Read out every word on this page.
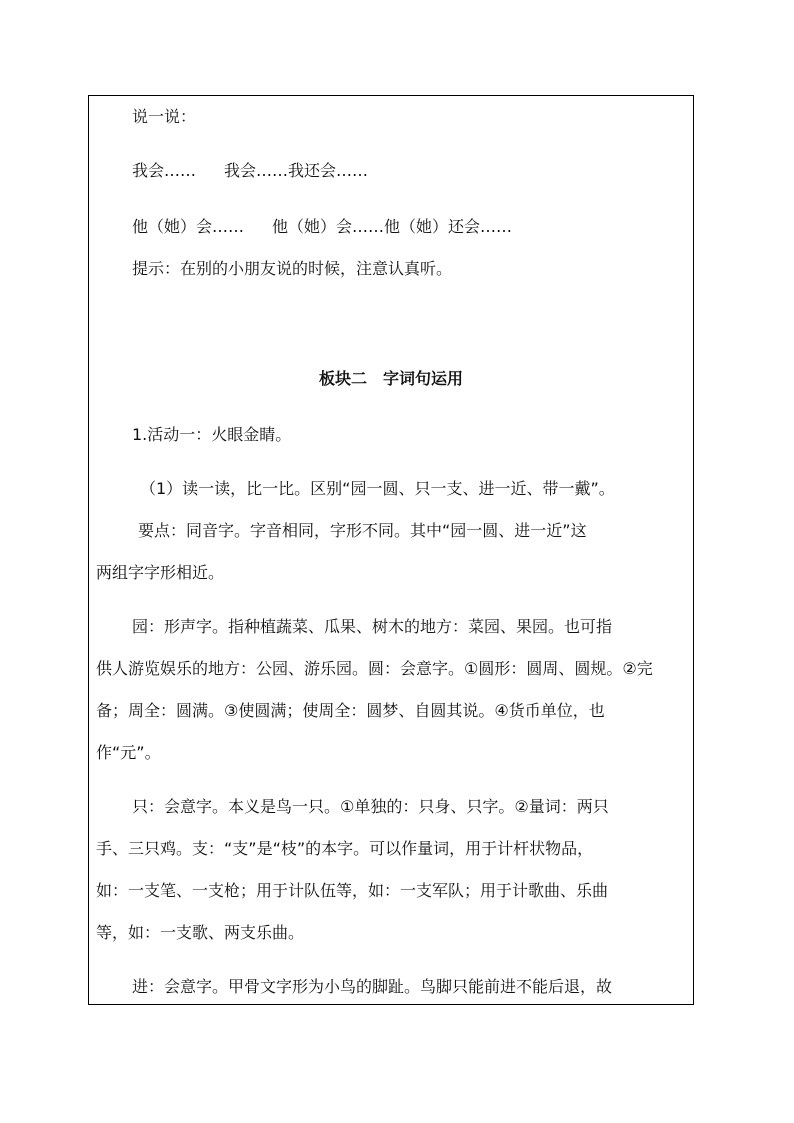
说一说：
我会…… 我会……我还会……
他（她）会…… 他（她）会……他（她）还会……
提示：在别的小朋友说的时候，注意认真听。
板块二　字词句运用
1.活动一：火眼金睛。
（1）读一读，比一比。区别“园一圆、只一支、进一近、带一戴”。
要点：同音字。字音相同，字形不同。其中“园一圆、进一近”这
两组字字形相近。
园：形声字。指种植蔬菜、瓜果、树木的地方：菜园、果园。也可指
供人游览娱乐的地方：公园、游乐园。圆：会意字。①圆形：圆周、圆规。②完
备；周全：圆满。③使圆满；使周全：圆梦、自圆其说。④货币单位，也
作“元”。
只：会意字。本义是鸟一只。①单独的：只身、只字。②量词：两只
手、三只鸡。支：“支”是“枝”的本字。可以作量词，用于计杆状物品，
如：一支笔、一支枪；用于计队伍等，如：一支军队；用于计歌曲、乐曲
等，如：一支歌、两支乐曲。
进：会意字。甲骨文字形为小鸟的脚趾。鸟脚只能前进不能后退，故
